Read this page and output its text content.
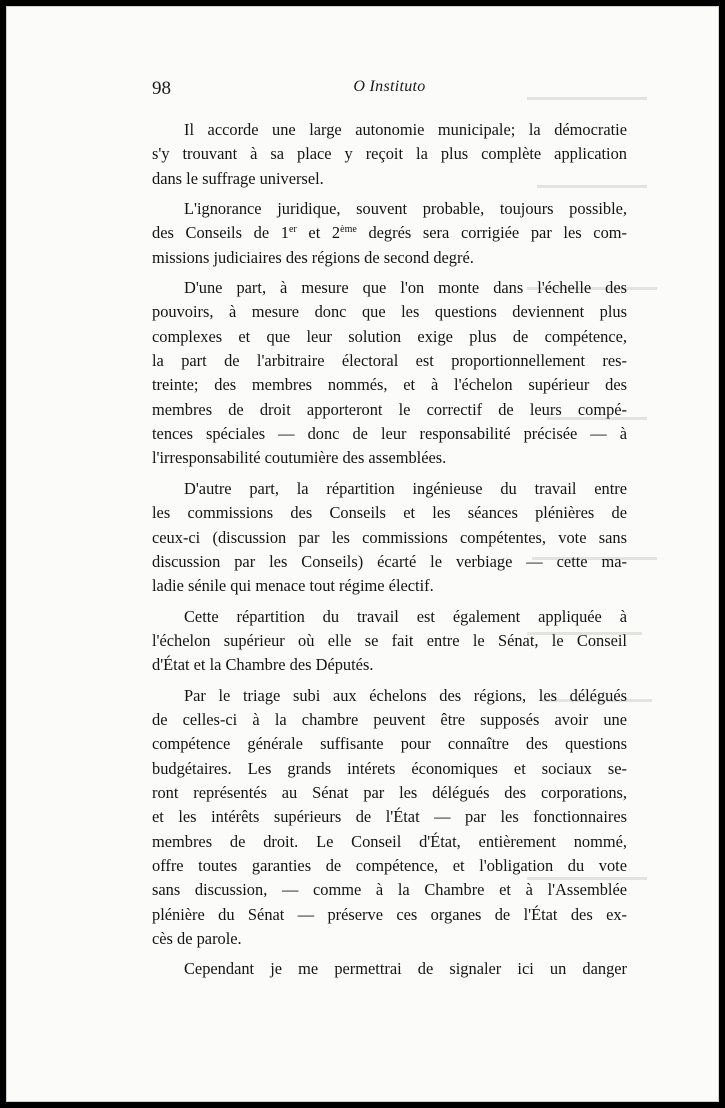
98	O Instituto

Il accorde une large autonomie municipale; la démocratie
s'y trouvant à sa place y reçoit la plus complète application
dans le suffrage universel.

L'ignorance juridique, souvent probable, toujours possible,
des Conseils de 1er et 2ème degrés sera corrigiée par les com-
missions judiciaires des régions de second degré.

D'une part, à mesure que l'on monte dans l'échelle des
pouvoirs, à mesure donc que les questions deviennent plus
complexes et que leur solution exige plus de compétence,
la part de l'arbitraire électoral est proportionnellement res-
treinte; des membres nommés, et à l'échelon supérieur des
membres de droit apporteront le correctif de leurs compé-
tences spéciales — donc de leur responsabilité précisée — à
l'irresponsabilité coutumière des assemblées.

D'autre part, la répartition ingénieuse du travail entre
les commissions des Conseils et les séances plénières de
ceux-ci (discussion par les commissions compétentes, vote sans
discussion par les Conseils) écarté le verbiage — cette ma-
ladie sénile qui menace tout régime électif.

Cette répartition du travail est également appliquée à
l'échelon supérieur où elle se fait entre le Sénat, le Conseil
d'État et la Chambre des Députés.

Par le triage subi aux échelons des régions, les délégués
de celles-ci à la chambre peuvent être supposés avoir une
compétence générale suffisante pour connaître des questions
budgétaires. Les grands intérets économiques et sociaux se-
ront représentés au Sénat par les délégués des corporations,
et les intérêts supérieurs de l'État — par les fonctionnaires
membres de droit. Le Conseil d'État, entièrement nommé,
offre toutes garanties de compétence, et l'obligation du vote
sans discussion, — comme à la Chambre et à l'Assemblée
plénière du Sénat — préserve ces organes de l'État des ex-
cès de parole.

Cependant je me permettrai de signaler ici un danger
